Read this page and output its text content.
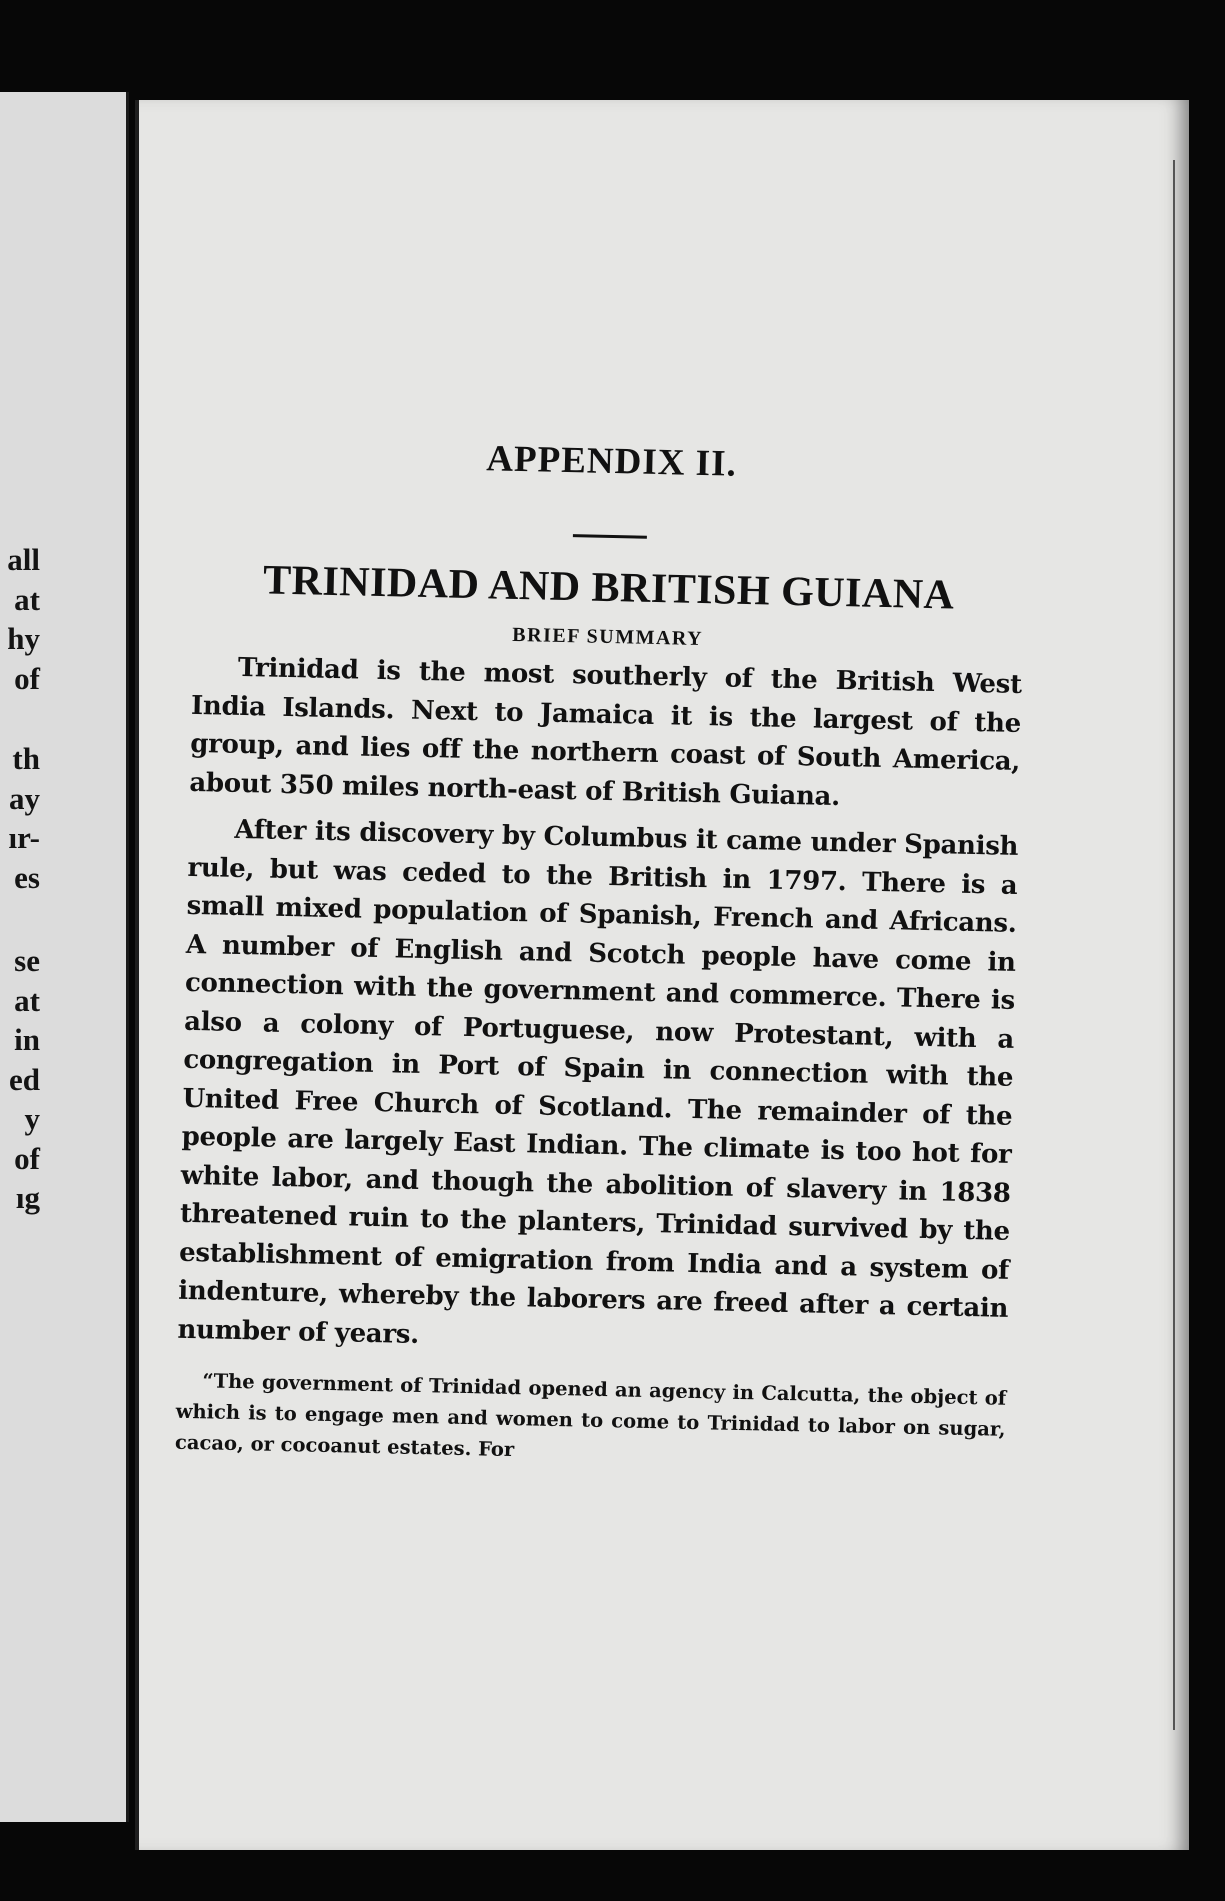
all
at
hy
of
th
ay
ır-
es
se
at
in
ed
y
of
ıg
APPENDIX II.
TRINIDAD AND BRITISH GUIANA
BRIEF SUMMARY

Trinidad is the most southerly of the British West India Islands. Next to Jamaica it is the largest of the group, and lies off the northern coast of South America, about 350 miles north-east of British Guiana.

After its discovery by Columbus it came under Spanish rule, but was ceded to the British in 1797. There is a small mixed population of Spanish, French and Africans. A number of English and Scotch people have come in connection with the government and commerce. There is also a colony of Portuguese, now Protestant, with a congregation in Port of Spain in connection with the United Free Church of Scotland. The remainder of the people are largely East Indian. The climate is too hot for white labor, and though the abolition of slavery in 1838 threatened ruin to the planters, Trinidad survived by the establishment of emigration from India and a system of indenture, whereby the laborers are freed after a certain number of years.

“The government of Trinidad opened an agency in Calcutta, the object of which is to engage men and women to come to Trinidad to labor on sugar, cacao, or cocoanut estates. For
